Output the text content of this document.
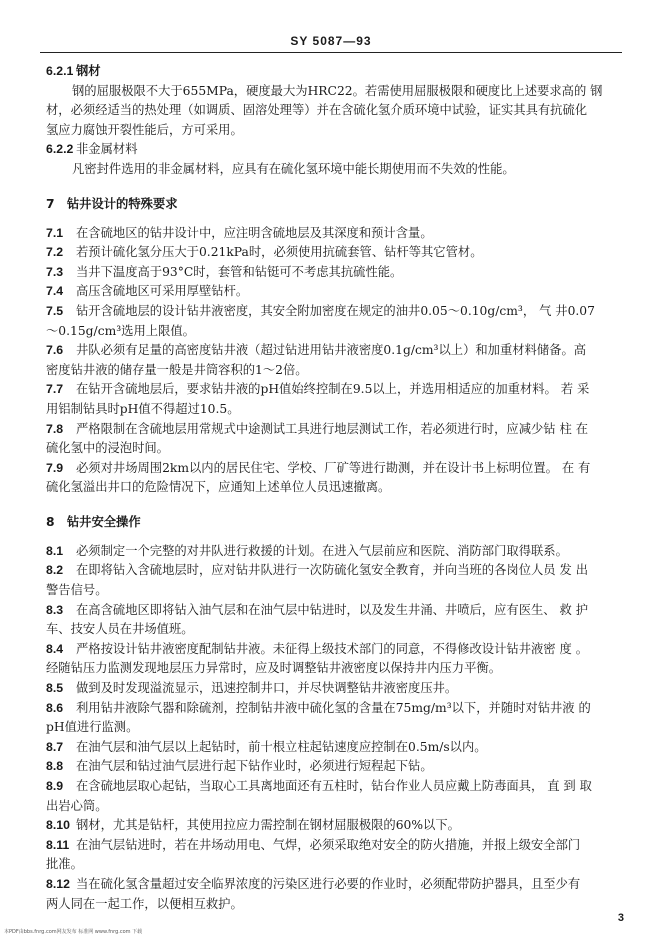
SY 5087—93

6.2.1 钢材

钢的屈服极限不大于655MPa，硬度最大为HRC22。若需使用屈服极限和硬度比上述要求高的 钢

材，必须经适当的热处理（如调质、固溶处理等）并在含硫化氢介质环境中试验，证实其具有抗硫化

氢应力腐蚀开裂性能后，方可采用。

6.2.2 非金属材料

凡密封件选用的非金属材料，应具有在硫化氢环境中能长期使用而不失效的性能。

7　钻井设计的特殊要求

7.1 在含硫地区的钻井设计中，应注明含硫地层及其深度和预计含量。

7.2 若预计硫化氢分压大于0.21kPa时，必须使用抗硫套管、钻杆等其它管材。

7.3 当井下温度高于93°C时，套管和钻铤可不考虑其抗硫性能。

7.4 高压含硫地区可采用厚壁钻杆。

7.5 钻开含硫地层的设计钻井液密度，其安全附加密度在规定的油井0.05～0.10g/cm³， 气 井0.07

～0.15g/cm³选用上限值。

7.6 井队必须有足量的高密度钻井液（超过钻进用钻井液密度0.1g/cm³以上）和加重材料储备。高

密度钻井液的储存量一般是井筒容积的1～2倍。

7.7 在钻开含硫地层后，要求钻井液的pH值始终控制在9.5以上，并选用相适应的加重材料。 若 采

用铝制钻具时pH值不得超过10.5。

7.8 严格限制在含硫地层用常规式中途测试工具进行地层测试工作，若必须进行时，应减少钻 柱 在

硫化氢中的浸泡时间。

7.9 必须对井场周围2km以内的居民住宅、学校、厂矿等进行勘测，并在设计书上标明位置。 在 有

硫化氢溢出井口的危险情况下，应通知上述单位人员迅速撤离。

8　钻井安全操作

8.1 必须制定一个完整的对井队进行救援的计划。在进入气层前应和医院、消防部门取得联系。

8.2 在即将钻入含硫地层时，应对钻井队进行一次防硫化氢安全教育，并向当班的各岗位人员 发 出

警告信号。

8.3 在高含硫地区即将钻入油气层和在油气层中钻进时，以及发生井涌、井喷后，应有医生、 救 护

车、技安人员在井场值班。

8.4 严格按设计钻井液密度配制钻井液。未征得上级技术部门的同意，不得修改设计钻井液密 度 。

经随钻压力监测发现地层压力异常时，应及时调整钻井液密度以保持井内压力平衡。

8.5 做到及时发现溢流显示，迅速控制井口，并尽快调整钻井液密度压井。

8.6 利用钻井液除气器和除硫剂，控制钻井液中硫化氢的含量在75mg/m³以下，并随时对钻井液 的

pH值进行监测。

8.7 在油气层和油气层以上起钻时，前十根立柱起钻速度应控制在0.5m/s以内。

8.8 在油气层和钻过油气层进行起下钻作业时，必须进行短程起下钻。

8.9 在含硫地层取心起钻，当取心工具离地面还有五柱时，钻台作业人员应戴上防毒面具， 直 到 取

出岩心筒。

8.10 钢材，尤其是钻杆，其使用拉应力需控制在钢材屈服极限的60%以下。

8.11 在油气层钻进时，若在井场动用电、气焊，必须采取绝对安全的防火措施，并报上级安全部门

批准。

8.12 当在硫化氢含量超过安全临界浓度的污染区进行必要的作业时，必须配带防护器具，且至少有

两人同在一起工作，以便相互救护。

3
本PDF由bbs.fnrg.com网友发布 标准网 www.fnrg.com 下载
